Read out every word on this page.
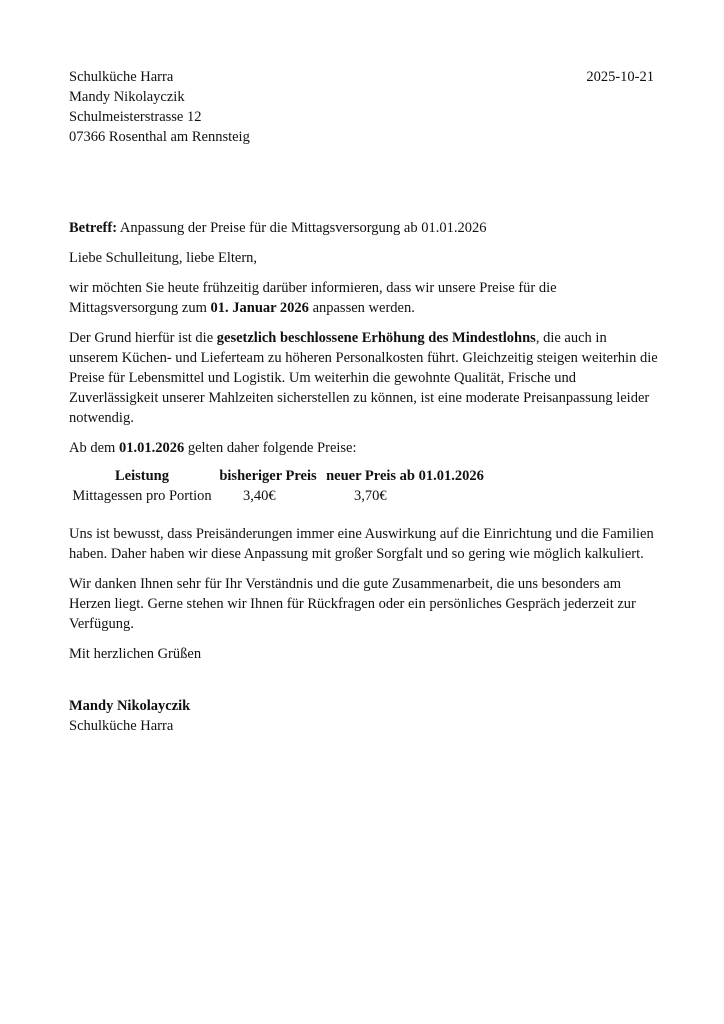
Schulküche Harra
Mandy Nikolayczik
Schulmeisterstrasse 12
07366 Rosenthal am Rennsteig
2025-10-21

Betreff: Anpassung der Preise für die Mittagsversorgung ab 01.01.2026

Liebe Schulleitung, liebe Eltern,

wir möchten Sie heute frühzeitig darüber informieren, dass wir unsere Preise für die Mittagsversorgung zum 01. Januar 2026 anpassen werden.

Der Grund hierfür ist die gesetzlich beschlossene Erhöhung des Mindestlohns, die auch in unserem Küchen- und Lieferteam zu höheren Personalkosten führt. Gleichzeitig steigen weiterhin die Preise für Lebensmittel und Logistik. Um weiterhin die gewohnte Qualität, Frische und Zuverlässigkeit unserer Mahlzeiten sicherstellen zu können, ist eine moderate Preisanpassung leider notwendig.

Ab dem 01.01.2026 gelten daher folgende Preise:

Leistung	bisheriger Preis	neuer Preis ab 01.01.2026
Mittagessen pro Portion	3,40€	3,70€

Uns ist bewusst, dass Preisänderungen immer eine Auswirkung auf die Einrichtung und die Familien haben. Daher haben wir diese Anpassung mit großer Sorgfalt und so gering wie möglich kalkuliert.

Wir danken Ihnen sehr für Ihr Verständnis und die gute Zusammenarbeit, die uns besonders am Herzen liegt. Gerne stehen wir Ihnen für Rückfragen oder ein persönliches Gespräch jederzeit zur Verfügung.

Mit herzlichen Grüßen

Mandy Nikolayczik
Schulküche Harra
